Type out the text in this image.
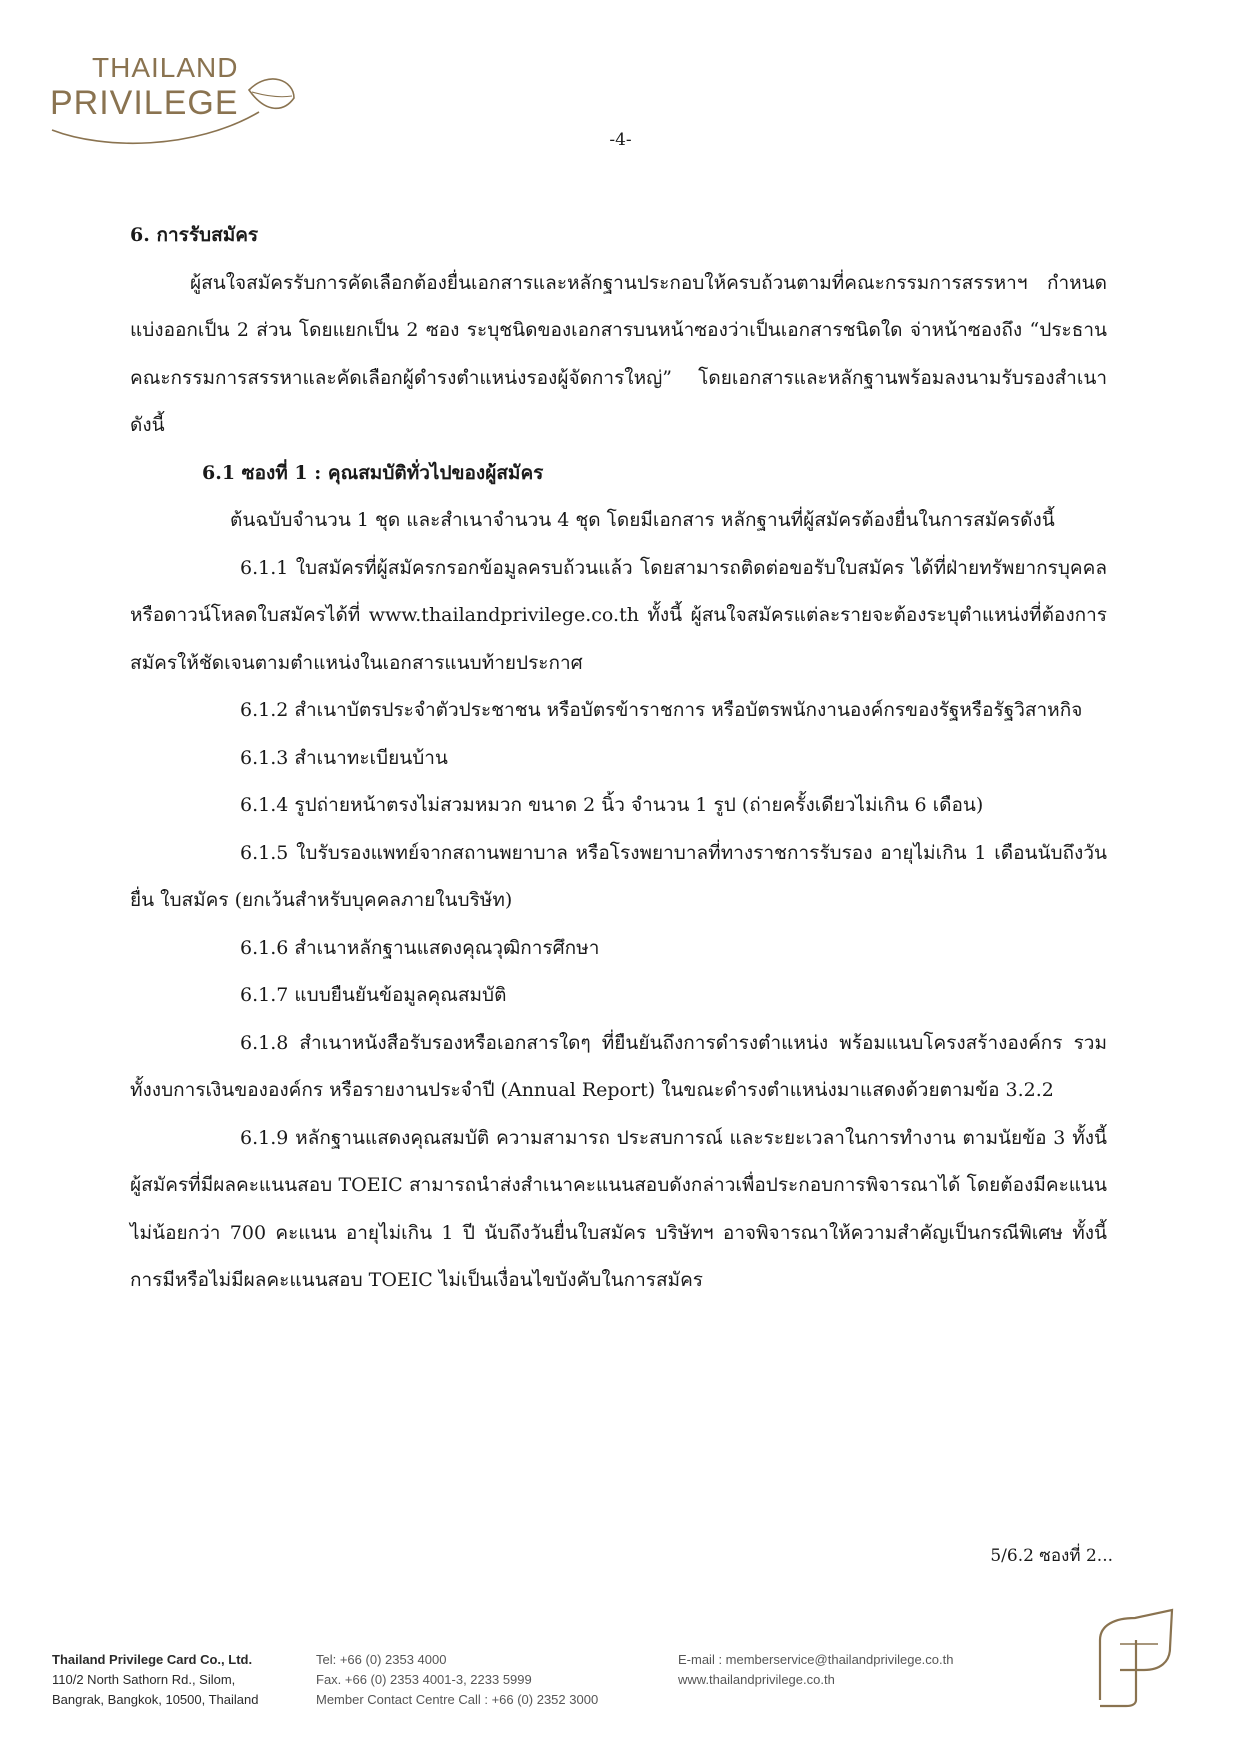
THAILAND
PRIVILEGE
-4-

6. การรับสมัคร

ผู้สนใจสมัครรับการคัดเลือกต้องยื่นเอกสารและหลักฐานประกอบให้ครบถ้วนตามที่คณะกรรมการสรรหาฯ กำหนด แบ่งออกเป็น 2 ส่วน โดยแยกเป็น 2 ซอง ระบุชนิดของเอกสารบนหน้าซองว่าเป็นเอกสารชนิดใด จ่าหน้าซองถึง “ประธานคณะกรรมการสรรหาและคัดเลือกผู้ดำรงตำแหน่งรองผู้จัดการใหญ่” โดยเอกสารและหลักฐานพร้อมลงนามรับรองสำเนาดังนี้

6.1 ซองที่ 1 : คุณสมบัติทั่วไปของผู้สมัคร

ต้นฉบับจำนวน 1 ชุด และสำเนาจำนวน 4 ชุด โดยมีเอกสาร หลักฐานที่ผู้สมัครต้องยื่นในการสมัครดังนี้

6.1.1 ใบสมัครที่ผู้สมัครกรอกข้อมูลครบถ้วนแล้ว โดยสามารถติดต่อขอรับใบสมัคร ได้ที่ฝ่ายทรัพยากรบุคคล หรือดาวน์โหลดใบสมัครได้ที่ www.thailandprivilege.co.th ทั้งนี้ ผู้สนใจสมัครแต่ละรายจะต้องระบุตำแหน่งที่ต้องการสมัครให้ชัดเจนตามตำแหน่งในเอกสารแนบท้ายประกาศ

6.1.2 สำเนาบัตรประจำตัวประชาชน หรือบัตรข้าราชการ หรือบัตรพนักงานองค์กรของรัฐหรือรัฐวิสาหกิจ

6.1.3 สำเนาทะเบียนบ้าน

6.1.4 รูปถ่ายหน้าตรงไม่สวมหมวก ขนาด 2 นิ้ว จำนวน 1 รูป (ถ่ายครั้งเดียวไม่เกิน 6 เดือน)

6.1.5 ใบรับรองแพทย์จากสถานพยาบาล หรือโรงพยาบาลที่ทางราชการรับรอง อายุไม่เกิน 1 เดือนนับถึงวันยื่น ใบสมัคร (ยกเว้นสำหรับบุคคลภายในบริษัท)

6.1.6 สำเนาหลักฐานแสดงคุณวุฒิการศึกษา

6.1.7 แบบยืนยันข้อมูลคุณสมบัติ

6.1.8 สำเนาหนังสือรับรองหรือเอกสารใดๆ ที่ยืนยันถึงการดำรงตำแหน่ง พร้อมแนบโครงสร้างองค์กร รวมทั้งงบการเงินขององค์กร หรือรายงานประจำปี (Annual Report) ในขณะดำรงตำแหน่งมาแสดงด้วยตามข้อ 3.2.2

6.1.9 หลักฐานแสดงคุณสมบัติ ความสามารถ ประสบการณ์ และระยะเวลาในการทำงาน ตามนัยข้อ 3 ทั้งนี้ ผู้สมัครที่มีผลคะแนนสอบ TOEIC สามารถนำส่งสำเนาคะแนนสอบดังกล่าวเพื่อประกอบการพิจารณาได้ โดยต้องมีคะแนนไม่น้อยกว่า 700 คะแนน อายุไม่เกิน 1 ปี นับถึงวันยื่นใบสมัคร บริษัทฯ อาจพิจารณาให้ความสำคัญเป็นกรณีพิเศษ ทั้งนี้ การมีหรือไม่มีผลคะแนนสอบ TOEIC ไม่เป็นเงื่อนไขบังคับในการสมัคร

5/6.2 ซองที่ 2...
Thailand Privilege Card Co., Ltd.
110/2 North Sathorn Rd., Silom,
Bangrak, Bangkok, 10500, Thailand
Tel: +66 (0) 2353 4000
Fax. +66 (0) 2353 4001-3, 2233 5999
Member Contact Centre Call : +66 (0) 2352 3000
E-mail : memberservice@thailandprivilege.co.th
www.thailandprivilege.co.th
